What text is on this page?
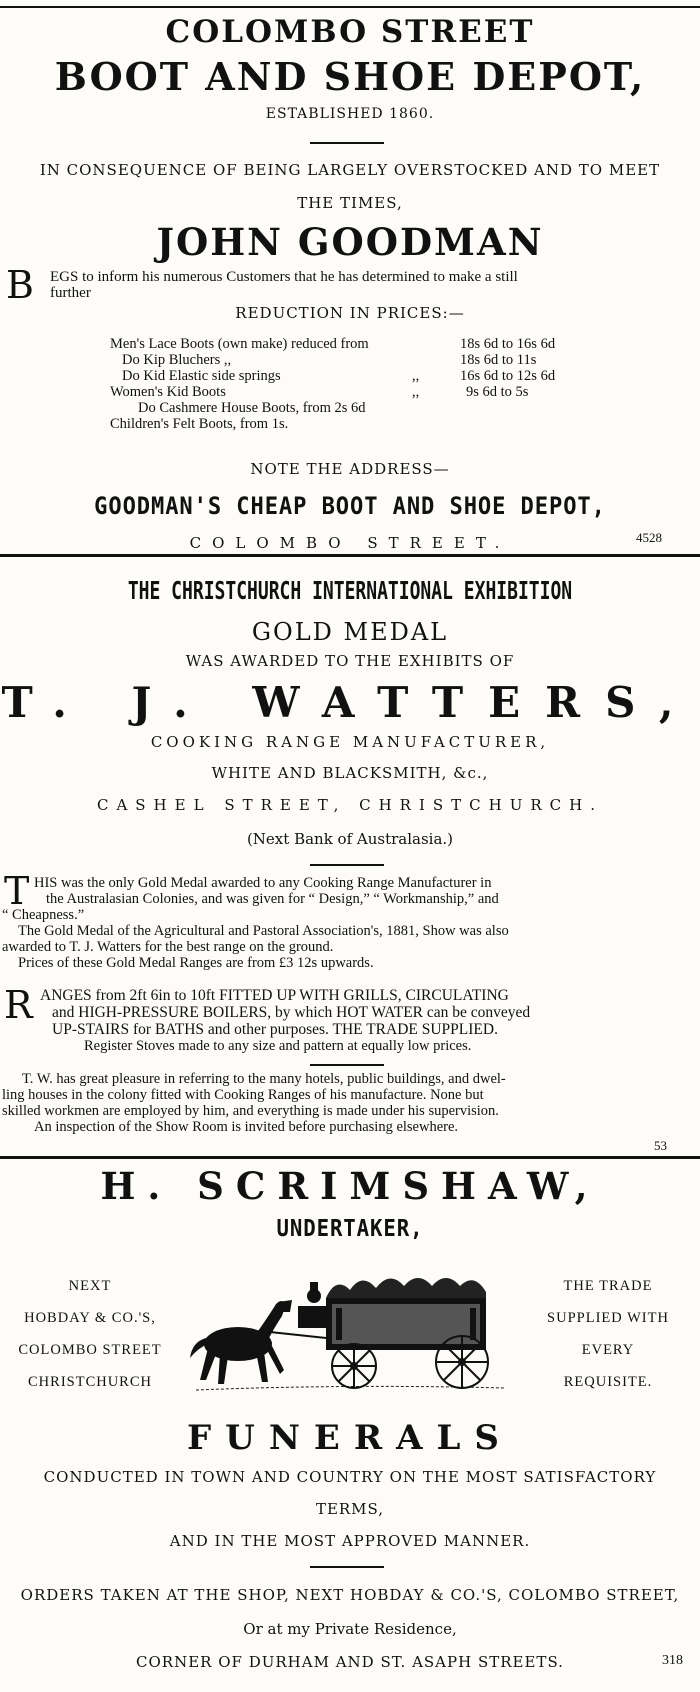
COLOMBO STREET
BOOT AND SHOE DEPOT,
ESTABLISHED 1860.
IN CONSEQUENCE OF BEING LARGELY OVERSTOCKED AND TO MEET
THE TIMES,
JOHN GOODMAN
B EGS to inform his numerous Customers that he has determined to make a still
further
REDUCTION IN PRICES:—
Men's Lace Boots (own make) reduced from	18s 6d to 16s 6d
Do Kip Bluchers ,,	18s 6d to 11s
Do Kid Elastic side springs	,,	16s 6d to 12s 6d
Women's Kid Boots	,,	9s 6d to 5s
Do Cashmere House Boots, from 2s 6d
Children's Felt Boots, from 1s.
NOTE THE ADDRESS—
GOODMAN'S CHEAP BOOT AND SHOE DEPOT,
COLOMBO STREET.	4528
THE CHRISTCHURCH INTERNATIONAL EXHIBITION
GOLD MEDAL
WAS AWARDED TO THE EXHIBITS OF
T. J. WATTERS,
COOKING RANGE MANUFACTURER,
WHITE AND BLACKSMITH, &c.,
CASHEL STREET, CHRISTCHURCH.
(Next Bank of Australasia.)
T HIS was the only Gold Medal awarded to any Cooking Range Manufacturer in
the Australasian Colonies, and was given for “ Design,” “ Workmanship,” and
“ Cheapness.”
The Gold Medal of the Agricultural and Pastoral Association's, 1881, Show was also
awarded to T. J. Watters for the best range on the ground.
Prices of these Gold Medal Ranges are from £3 12s upwards.
R ANGES from 2ft 6in to 10ft FITTED UP WITH GRILLS, CIRCULATING
and HIGH-PRESSURE BOILERS, by which HOT WATER can be conveyed
UP-STAIRS for BATHS and other purposes. THE TRADE SUPPLIED.
Register Stoves made to any size and pattern at equally low prices.
T. W. has great pleasure in referring to the many hotels, public buildings, and dwel-
ling houses in the colony fitted with Cooking Ranges of his manufacture. None but
skilled workmen are employed by him, and everything is made under his supervision.
An inspection of the Show Room is invited before purchasing elsewhere.
53
H. SCRIMSHAW,
UNDERTAKER,
NEXT
HOBDAY & CO.'S,
COLOMBO STREET
CHRISTCHURCH
THE TRADE
SUPPLIED WITH
EVERY
REQUISITE.
FUNERALS
CONDUCTED IN TOWN AND COUNTRY ON THE MOST SATISFACTORY
TERMS,
AND IN THE MOST APPROVED MANNER.
ORDERS TAKEN AT THE SHOP, NEXT HOBDAY & CO.'S, COLOMBO STREET,
Or at my Private Residence,
CORNER OF DURHAM AND ST. ASAPH STREETS.	318
